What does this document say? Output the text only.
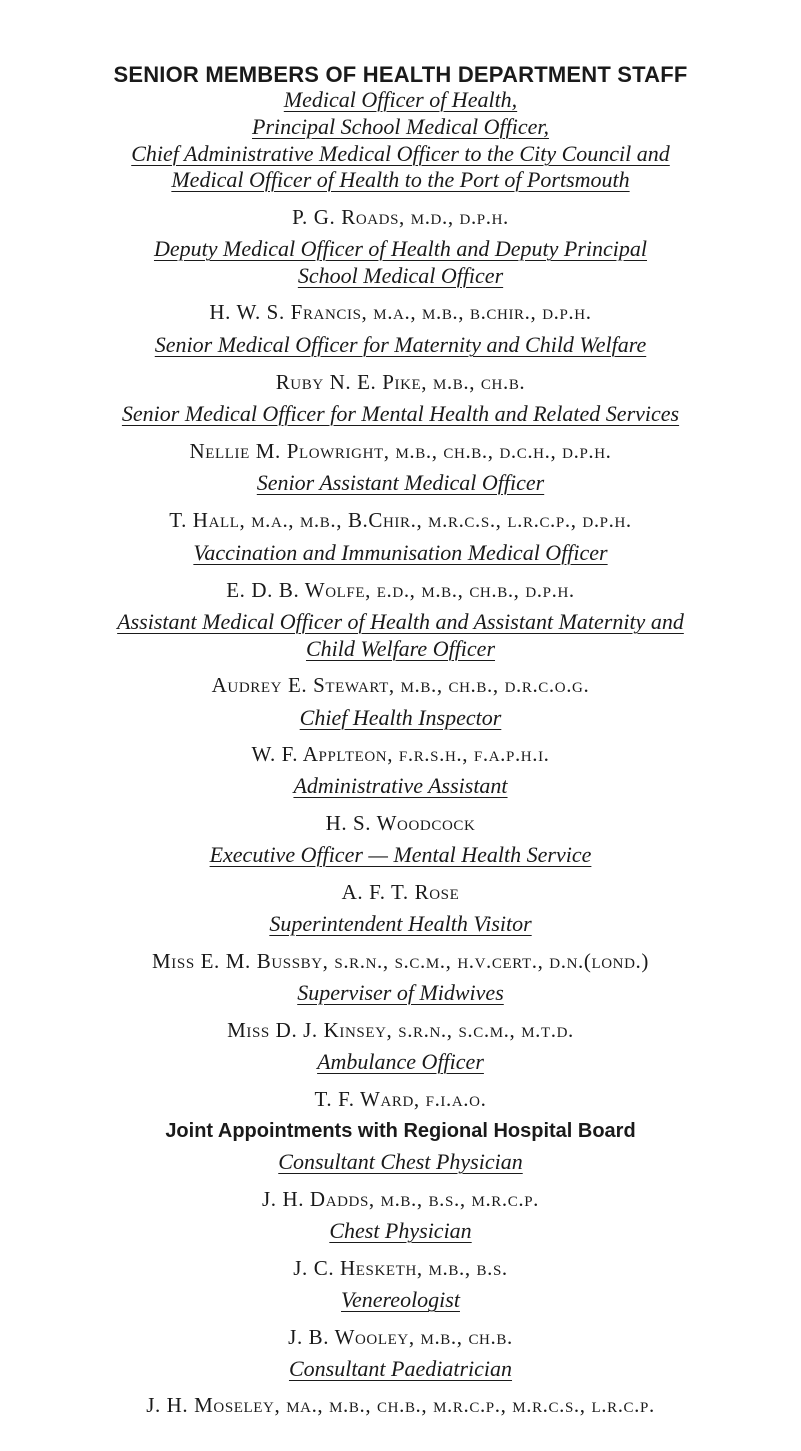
SENIOR MEMBERS OF HEALTH DEPARTMENT STAFF

Medical Officer of Health,

Principal School Medical Officer,

Chief Administrative Medical Officer to the City Council and

Medical Officer of Health to the Port of Portsmouth

P. G. Roads, m.d., d.p.h.

Deputy Medical Officer of Health and Deputy Principal

School Medical Officer

H. W. S. Francis, m.a., m.b., b.chir., d.p.h.

Senior Medical Officer for Maternity and Child Welfare

Ruby N. E. Pike, m.b., ch.b.

Senior Medical Officer for Mental Health and Related Services

Nellie M. Plowright, m.b., ch.b., d.c.h., d.p.h.

Senior Assistant Medical Officer

T. Hall, m.a., m.b., B.Chir., m.r.c.s., l.r.c.p., d.p.h.

Vaccination and Immunisation Medical Officer

E. D. B. Wolfe, e.d., m.b., ch.b., d.p.h.

Assistant Medical Officer of Health and Assistant Maternity and

Child Welfare Officer

Audrey E. Stewart, m.b., ch.b., d.r.c.o.g.

Chief Health Inspector

W. F. Applteon, f.r.s.h., f.a.p.h.i.

Administrative Assistant

H. S. Woodcock

Executive Officer — Mental Health Service

A. F. T. Rose

Superintendent Health Visitor

Miss E. M. Bussby, s.r.n., s.c.m., h.v.cert., d.n.(lond.)

Superviser of Midwives

Miss D. J. Kinsey, s.r.n., s.c.m., m.t.d.

Ambulance Officer

T. F. Ward, f.i.a.o.

Joint Appointments with Regional Hospital Board

Consultant Chest Physician

J. H. Dadds, m.b., b.s., m.r.c.p.

Chest Physician

J. C. Hesketh, m.b., b.s.

Venereologist

J. B. Wooley, m.b., ch.b.

Consultant Paediatrician

J. H. Moseley, ma., m.b., ch.b., m.r.c.p., m.r.c.s., l.r.c.p.
